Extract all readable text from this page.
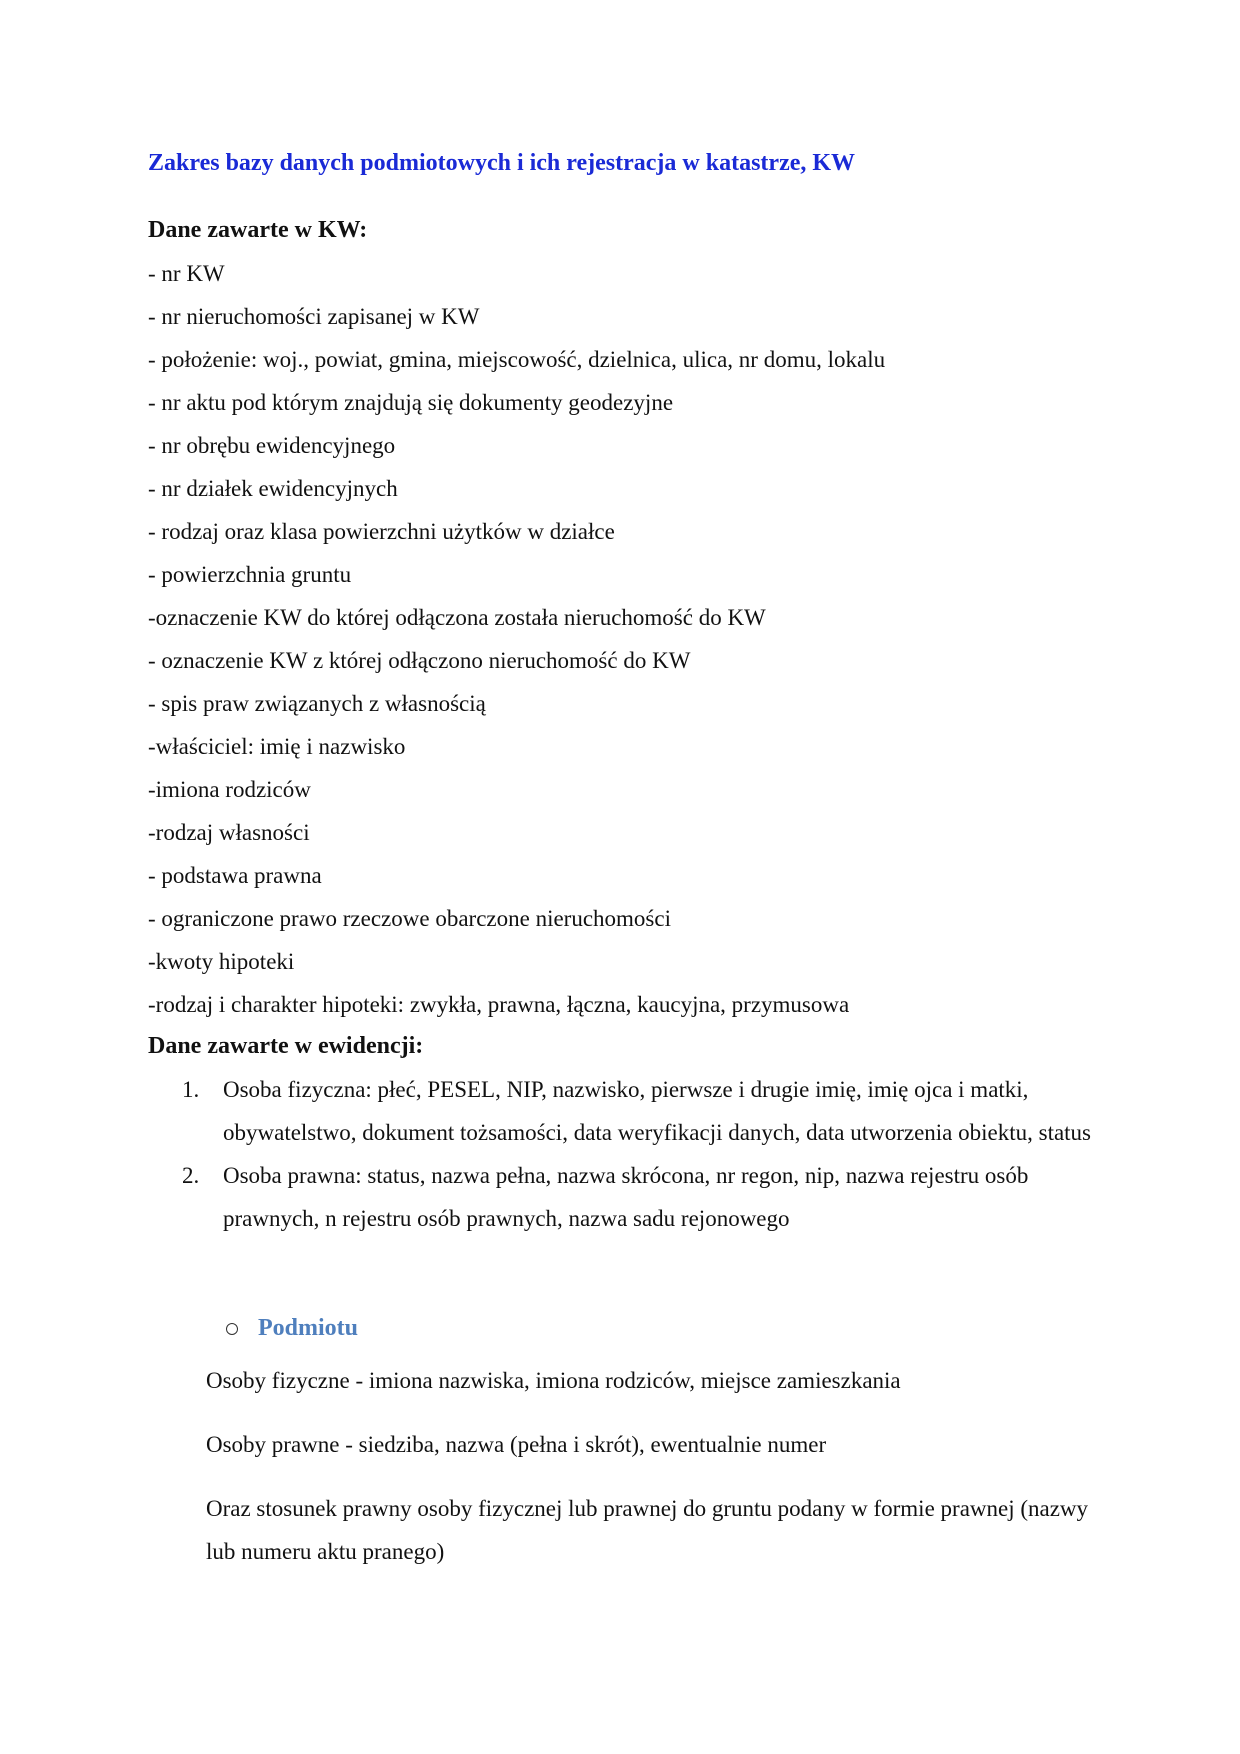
Zakres bazy danych podmiotowych i ich rejestracja w katastrze, KW
Dane zawarte w KW:
- nr KW
- nr nieruchomości zapisanej w KW
- położenie: woj., powiat, gmina, miejscowość, dzielnica, ulica, nr domu, lokalu
- nr aktu pod którym znajdują się dokumenty geodezyjne
- nr obrębu ewidencyjnego
- nr działek ewidencyjnych
- rodzaj oraz klasa powierzchni użytków w działce
- powierzchnia gruntu
-oznaczenie KW do której odłączona została nieruchomość do KW
- oznaczenie KW z której odłączono nieruchomość do KW
- spis praw związanych z własnością
-właściciel: imię i nazwisko
-imiona rodziców
-rodzaj własności
- podstawa prawna
- ograniczone prawo rzeczowe obarczone nieruchomości
-kwoty hipoteki
-rodzaj i charakter hipoteki: zwykła, prawna, łączna, kaucyjna, przymusowa
Dane zawarte w ewidencji:
1. Osoba fizyczna: płeć, PESEL, NIP, nazwisko, pierwsze i drugie imię, imię ojca i matki, obywatelstwo, dokument tożsamości, data weryfikacji danych, data utworzenia obiektu, status
2. Osoba prawna: status, nazwa pełna, nazwa skrócona, nr regon, nip, nazwa rejestru osób prawnych, n rejestru osób prawnych, nazwa sadu rejonowego
Podmiotu

Osoby fizyczne - imiona nazwiska, imiona rodziców, miejsce zamieszkania

Osoby prawne - siedziba, nazwa (pełna i skrót), ewentualnie numer

Oraz stosunek prawny osoby fizycznej lub prawnej do gruntu podany w formie prawnej (nazwy lub numeru aktu pranego)
